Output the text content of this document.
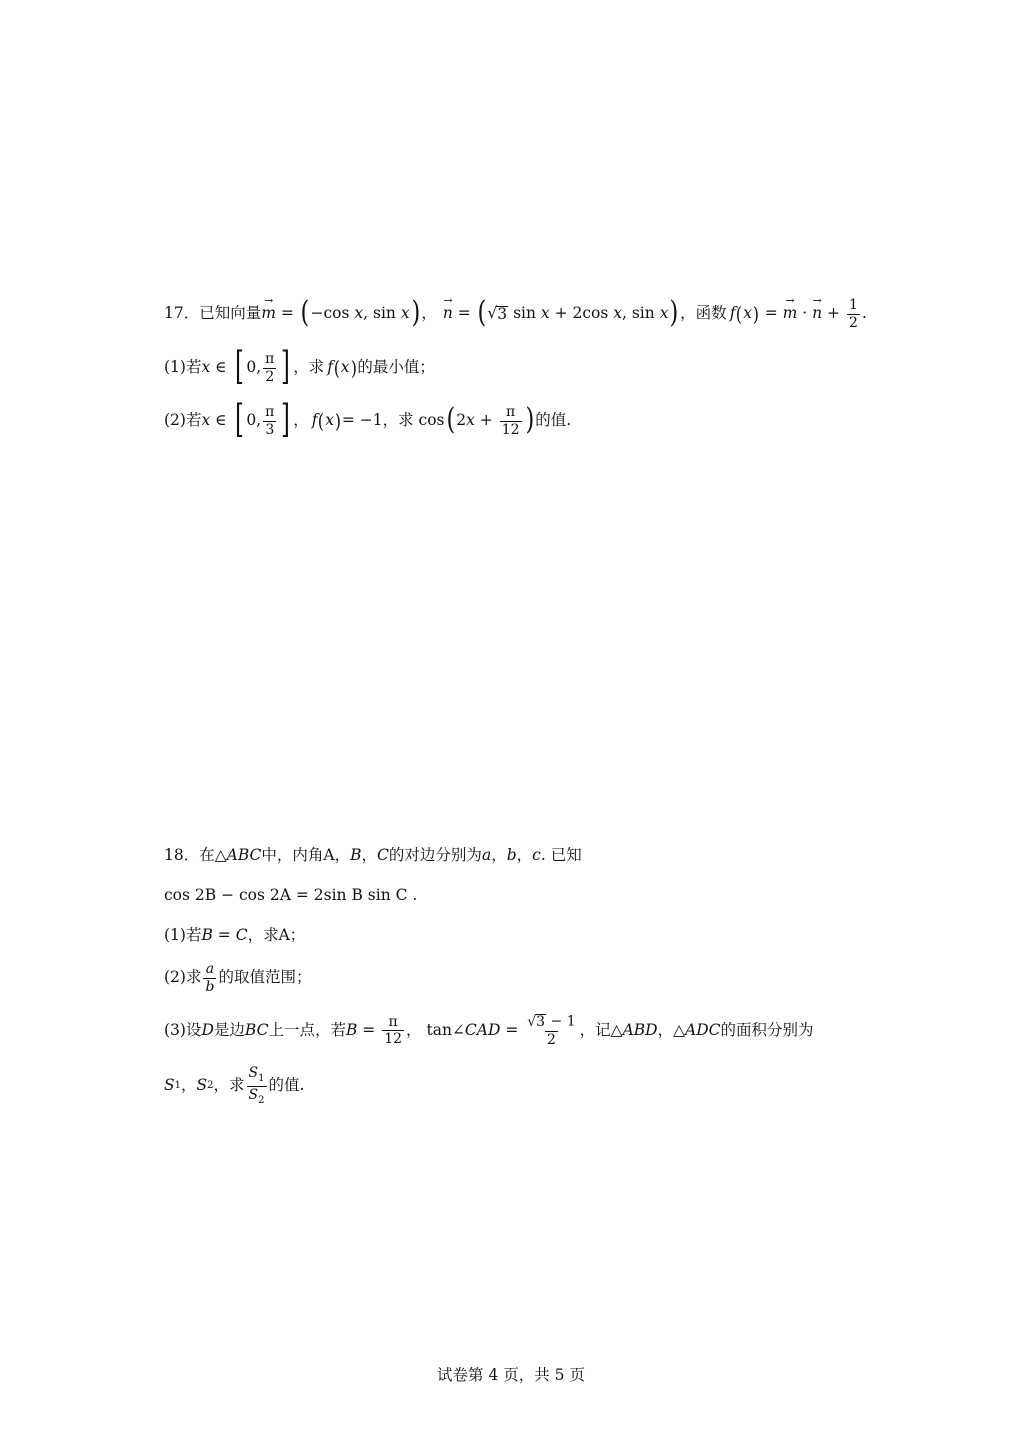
17． 已知向量 → m = ( −cos x , sin x ) ， → n = ( √ 3 sin x + 2cos x , sin x ) ， 函数 f ( x ) = → m · → $n + \frac{1}{2}$ .
(1)若 x ∈ [ 0, $\frac{\pi}{2}$ ] ，求 f ( x ) 的最小值；
(2)若 x ∈ [ 0, $\frac{\pi}{3}$ ] ， f ( x ) = −1，求 cos ( 2 $x + \frac{\pi}{12}$ ) 的值.
18． 在 △ABC 中，内角 A ， B ， C 的对边分别为 a ， b ， c . 已知
cos 2B − cos 2A = 2sin B sin C .
(1)若 B = C ，求 A ；
(2)求 $\frac{a}{b}$ 的取值范围；
(3)设 D 是边 BC 上一点，若 $B = \frac{\pi}{12}$ ， tan∠ CAD = $\frac{√ 3 - 1}{2}$ ，记 △ABD ， △ADC 的面积分别为
S 1 ， S 2 ，求 $\frac{S_1}{S_2}$ 的值.
试卷第 4 页，共 5 页
